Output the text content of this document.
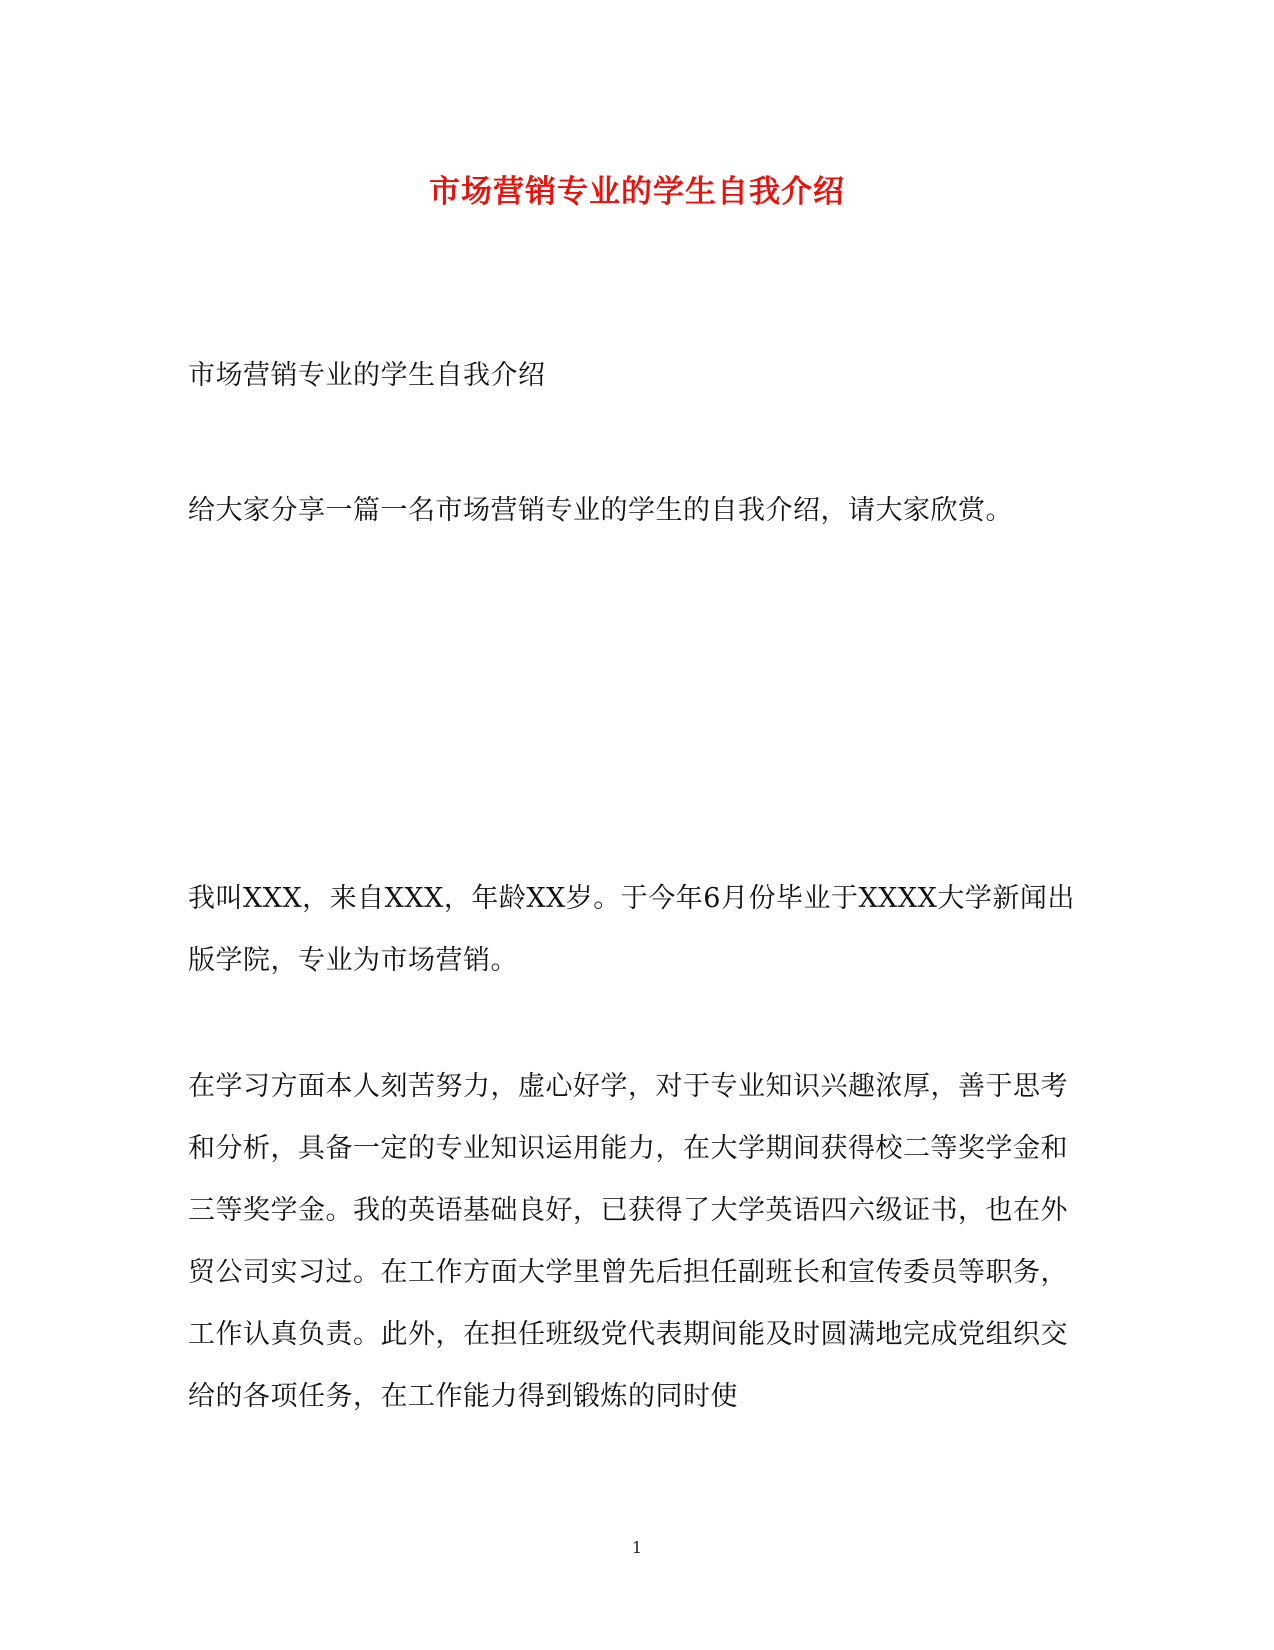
市场营销专业的学生自我介绍
市场营销专业的学生自我介绍
给大家分享一篇一名市场营销专业的学生的自我介绍，请大家欣赏。
我叫XXX，来自XXX，年龄XX岁。于今年6月份毕业于XXXX大学新闻出版学院，专业为市场营销。
在学习方面本人刻苦努力，虚心好学，对于专业知识兴趣浓厚，善于思考和分析，具备一定的专业知识运用能力，在大学期间获得校二等奖学金和三等奖学金。我的英语基础良好，已获得了大学英语四六级证书，也在外贸公司实习过。在工作方面大学里曾先后担任副班长和宣传委员等职务，工作认真负责。此外，在担任班级党代表期间能及时圆满地完成党组织交给的各项任务，在工作能力得到锻炼的同时使
1
